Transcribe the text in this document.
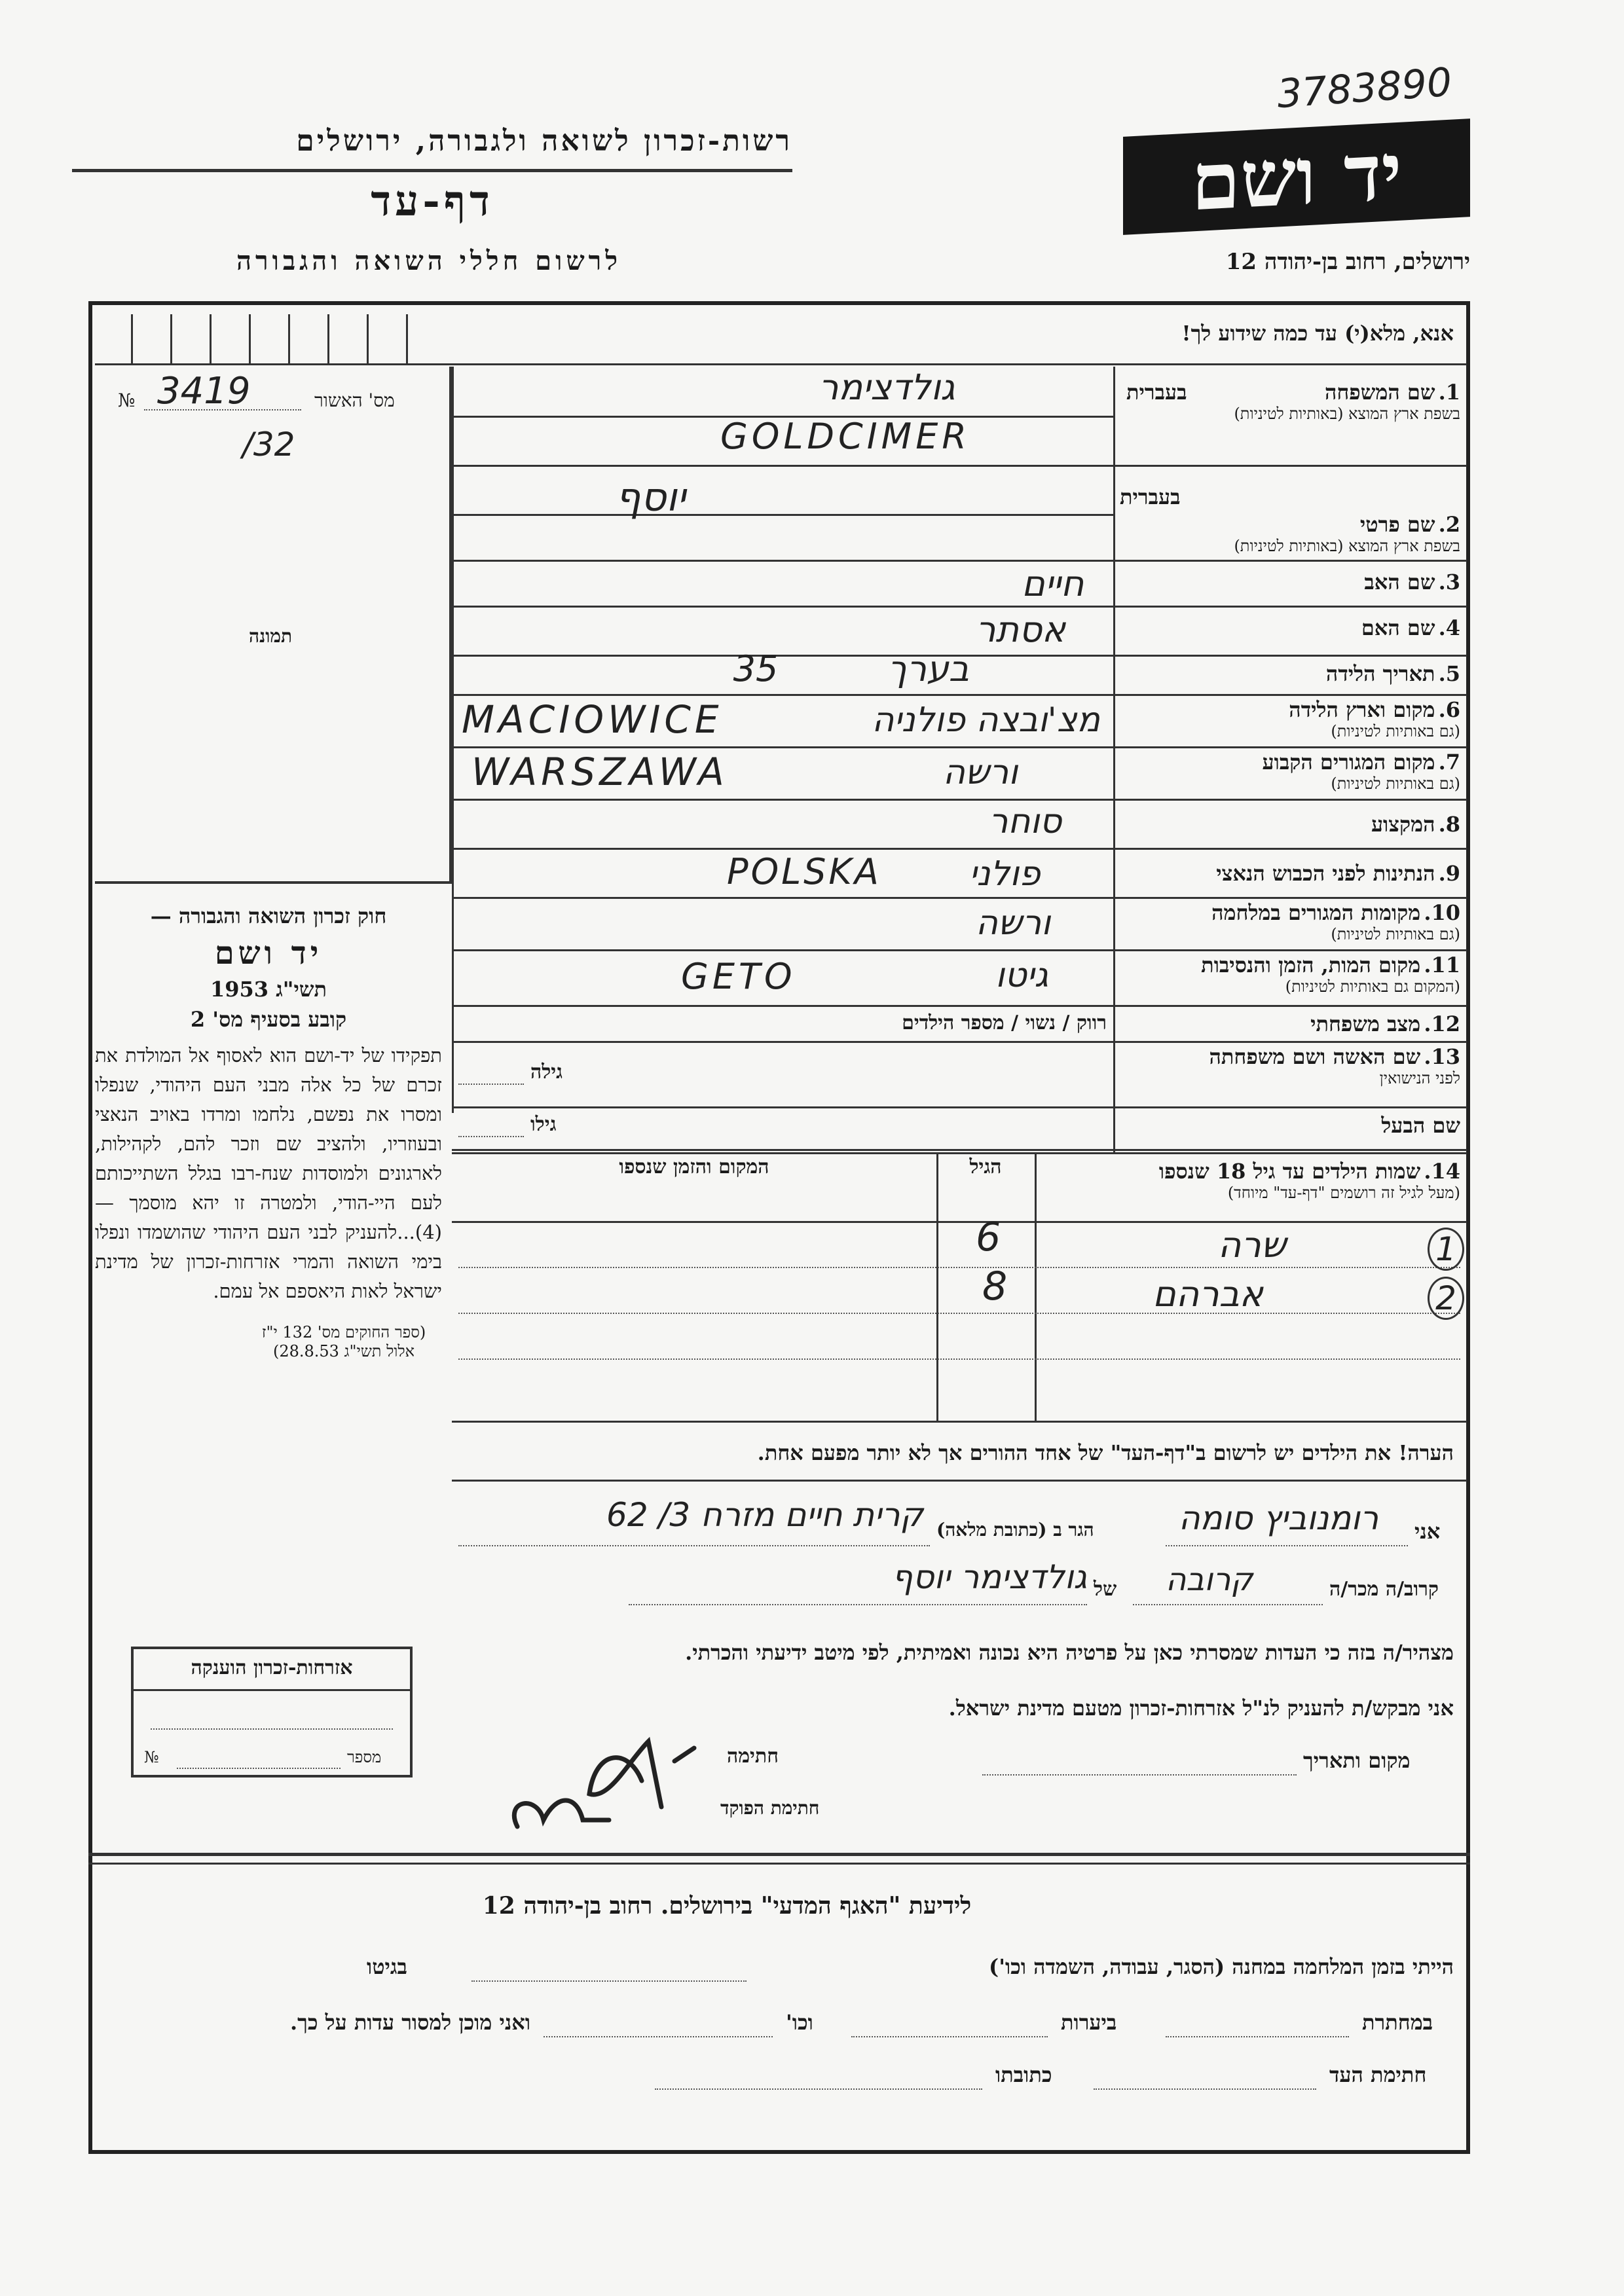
3783890
רשות-זכרון לשואה ולגבורה, ירושלים
דף-עד
לרשום חללי השואה והגבורה
יד ושם
ירושלים, רחוב בן-יהודה 12
אנא, מלא(י) עד כמה שידוע לך!
№ 3419	מס' האשור
/32
תמונה
חוק זכרון השואה והגבורה —
יד ושם
תשי"ג 1953
קובע בסעיף מס' 2
תפקידו של יד-ושם הוא לאסוף אל המולדת את זכרם של כל אלה מבני העם היהודי, שנפלו ומסרו את נפשם, נלחמו ומרדו באויב הנאצי ובעוזריו, ולהציב שם וזכר להם, לקהילות, לארגונים ולמוסדות שנח-רבו בגלל השתייכותם לעם היי-הודי, ולמטרה זו יהא מוסמך — (4)...להעניק לבני העם היהודי שהושמדו ונפלו בימי השואה והמרי אזרחות-זכרון של מדינת ישראל לאות היאספם אל עמם.
(ספר החוקים מס' 132 י"ז אלול תשי"ג 28.8.53)
1. שם המשפחה
בשפת ארץ המוצא (באותיות לטיניות)
בעברית
גולדצימר
GOLDCIMER
בעברית
2. שם פרטי
בשפת ארץ המוצא (באותיות לטיניות)
יוסף
3. שם האב
חיים
4. שם האם
אסתר
5. תאריך הלידה
בערך 35
6. מקום וארץ הלידה
(גם באותיות לטיניות)
MACIOWICE	מצ'ובצה פולניה
7. מקום המגורים הקבוע
(גם באותיות לטיניות)
WARSZAWA	ורשה
8. המקצוע
סוחר
9. הנתינות לפני הכבוש הנאצי
POLSKA	פולני
10. מקומות המגורים במלחמה
(גם באותיות לטיניות)
ורשה
11. מקום המות, הזמן והנסיבות
(המקום גם באותיות לטיניות)
GETO	גיטו
12. מצב משפחתי
רווק / נשוי / מספר הילדים
13. שם האשה ושם משפחתה
לפני הנישואין
גילה
שם הבעל
גילו
14. שמות הילדים עד גיל 18 שנספו
(מעל לגיל זה רושמים "דף-עד" מיוחד)
הגיל
המקום והזמן שנספו
1
שרה
6
2
אברהם
8
הערה! את הילדים יש לרשום ב"דף-העד" של אחד ההורים אך לא יותר מפעם אחת.
אני
רומנוביץ סומה
הגר ב (כתובת מלאה)
קרית חיים מזרח 3/ 62
קרוב/ה מכר/ה
קרובה
של
גולדצימר יוסף
מצהיר/ה בזה כי העדות שמסרתי כאן על פרטיה היא נכונה ואמיתית, לפי מיטב ידיעתי והכרתי.
אני מבקש/ת להעניק לנ"ל אזרחות-זכרון מטעם מדינת ישראל.
מקום ותאריך
חתימה
חתימת הפוקד
אזרחות-זכרון הוענקה
№	מספר
לידיעת "האגף המדעי" בירושלים. רחוב בן-יהודה 12
הייתי בזמן המלחמה במחנה (הסגר, עבודה, השמדה וכו')
בגיטו
במחתרת
ביערות
וכו'
ואני מוכן למסור עדות על כך.
חתימת העד
כתובתו
